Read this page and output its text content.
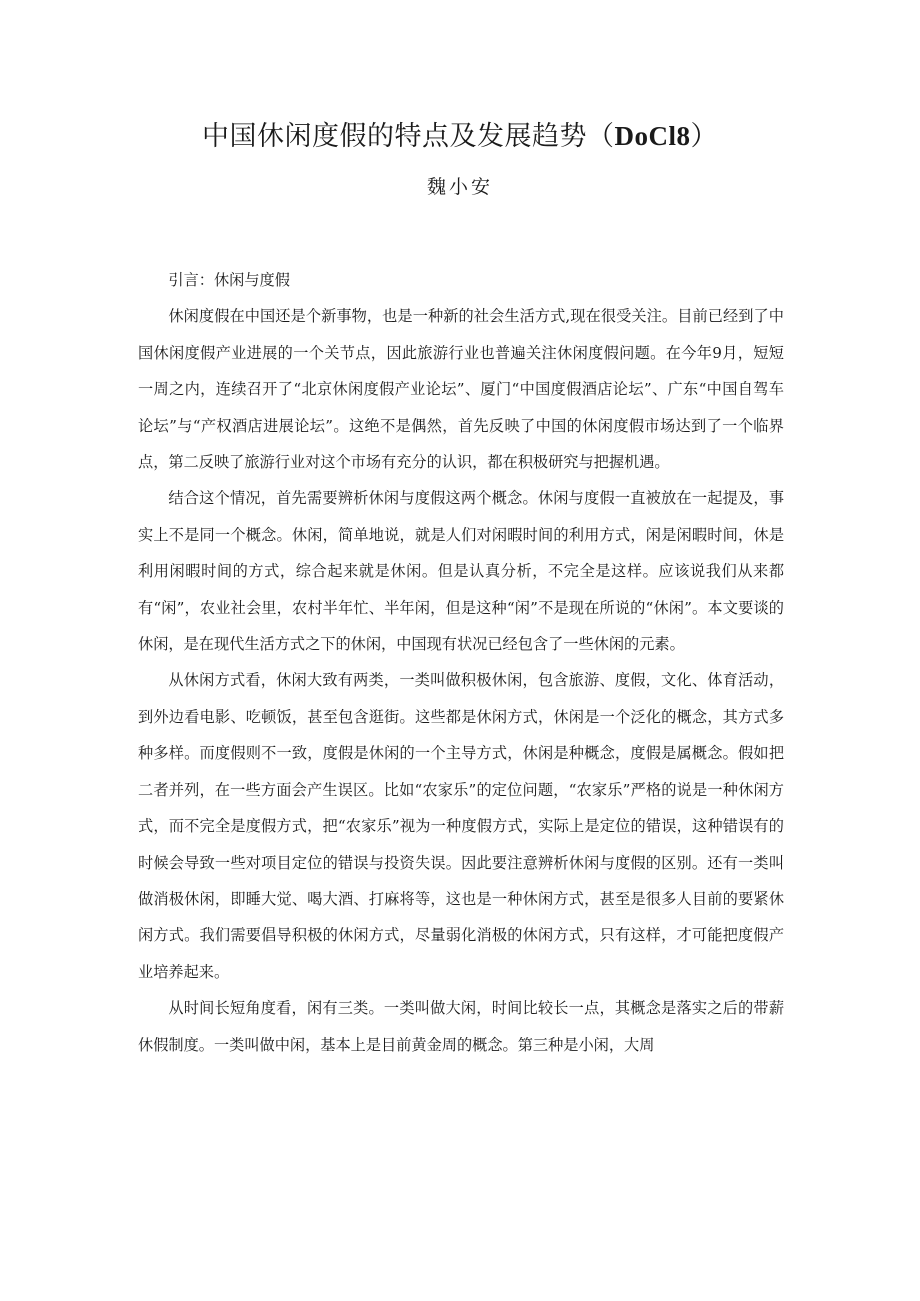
中国休闲度假的特点及发展趋势（DoCl8）
魏小安

引言：休闲与度假

休闲度假在中国还是个新事物，也是一种新的社会生活方式,现在很受关注。目前已经到了中国休闲度假产业进展的一个关节点，因此旅游行业也普遍关注休闲度假问题。在今年9月，短短一周之内，连续召开了“北京休闲度假产业论坛”、厦门“中国度假酒店论坛”、广东“中国自驾车论坛”与“产权酒店进展论坛”。这绝不是偶然，首先反映了中国的休闲度假市场达到了一个临界点，第二反映了旅游行业对这个市场有充分的认识，都在积极研究与把握机遇。

结合这个情况，首先需要辨析休闲与度假这两个概念。休闲与度假一直被放在一起提及，事实上不是同一个概念。休闲，简单地说，就是人们对闲暇时间的利用方式，闲是闲暇时间，休是利用闲暇时间的方式，综合起来就是休闲。但是认真分析，不完全是这样。应该说我们从来都有“闲”，农业社会里，农村半年忙、半年闲，但是这种“闲”不是现在所说的“休闲”。本文要谈的休闲，是在现代生活方式之下的休闲，中国现有状况已经包含了一些休闲的元素。

从休闲方式看，休闲大致有两类，一类叫做积极休闲，包含旅游、度假，文化、体育活动，到外边看电影、吃顿饭，甚至包含逛街。这些都是休闲方式，休闲是一个泛化的概念，其方式多种多样。而度假则不一致，度假是休闲的一个主导方式，休闲是种概念，度假是属概念。假如把二者并列，在一些方面会产生误区。比如“农家乐”的定位问题，“农家乐”严格的说是一种休闲方式，而不完全是度假方式，把“农家乐”视为一种度假方式，实际上是定位的错误，这种错误有的时候会导致一些对项目定位的错误与投资失误。因此要注意辨析休闲与度假的区别。还有一类叫做消极休闲，即睡大觉、喝大酒、打麻将等，这也是一种休闲方式，甚至是很多人目前的要紧休闲方式。我们需要倡导积极的休闲方式，尽量弱化消极的休闲方式，只有这样，才可能把度假产业培养起来。

从时间长短角度看，闲有三类。一类叫做大闲，时间比较长一点，其概念是落实之后的带薪休假制度。一类叫做中闲，基本上是目前黄金周的概念。第三种是小闲，大周
